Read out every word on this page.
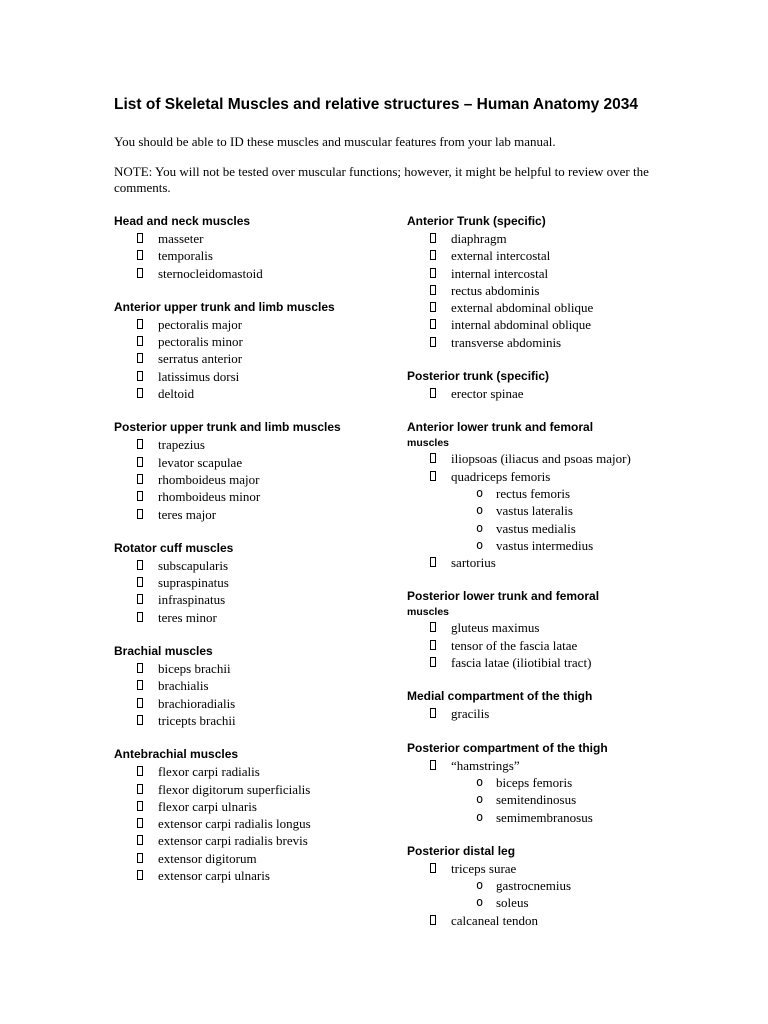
List of Skeletal Muscles and relative structures – Human Anatomy 2034
You should be able to ID these muscles and muscular features from your lab manual.
NOTE: You will not be tested over muscular functions; however, it might be helpful to review over the comments.
Head and neck muscles
masseter
temporalis
sternocleidomastoid
Anterior upper trunk and limb muscles
pectoralis major
pectoralis minor
serratus anterior
latissimus dorsi
deltoid
Posterior upper trunk and limb muscles
trapezius
levator scapulae
rhomboideus major
rhomboideus minor
teres major
Rotator cuff muscles
subscapularis
supraspinatus
infraspinatus
teres minor
Brachial muscles
biceps brachii
brachialis
brachioradialis
tricepts brachii
Antebrachial muscles
flexor carpi radialis
flexor digitorum superficialis
flexor carpi ulnaris
extensor carpi radialis longus
extensor carpi radialis brevis
extensor digitorum
extensor carpi ulnaris
Anterior Trunk (specific)
diaphragm
external intercostal
internal intercostal
rectus abdominis
external abdominal oblique
internal abdominal oblique
transverse abdominis
Posterior trunk (specific)
erector spinae
Anterior lower trunk and femoral
muscles
iliopsoas (iliacus and psoas major)
quadriceps femoris
o rectus femoris
o vastus lateralis
o vastus medialis
o vastus intermedius
sartorius
Posterior lower trunk and femoral
muscles
gluteus maximus
tensor of the fascia latae
fascia latae (iliotibial tract)
Medial compartment of the thigh
gracilis
Posterior compartment of the thigh
“hamstrings”
o biceps femoris
o semitendinosus
o semimembranosus
Posterior distal leg
triceps surae
o gastrocnemius
o soleus
calcaneal tendon
